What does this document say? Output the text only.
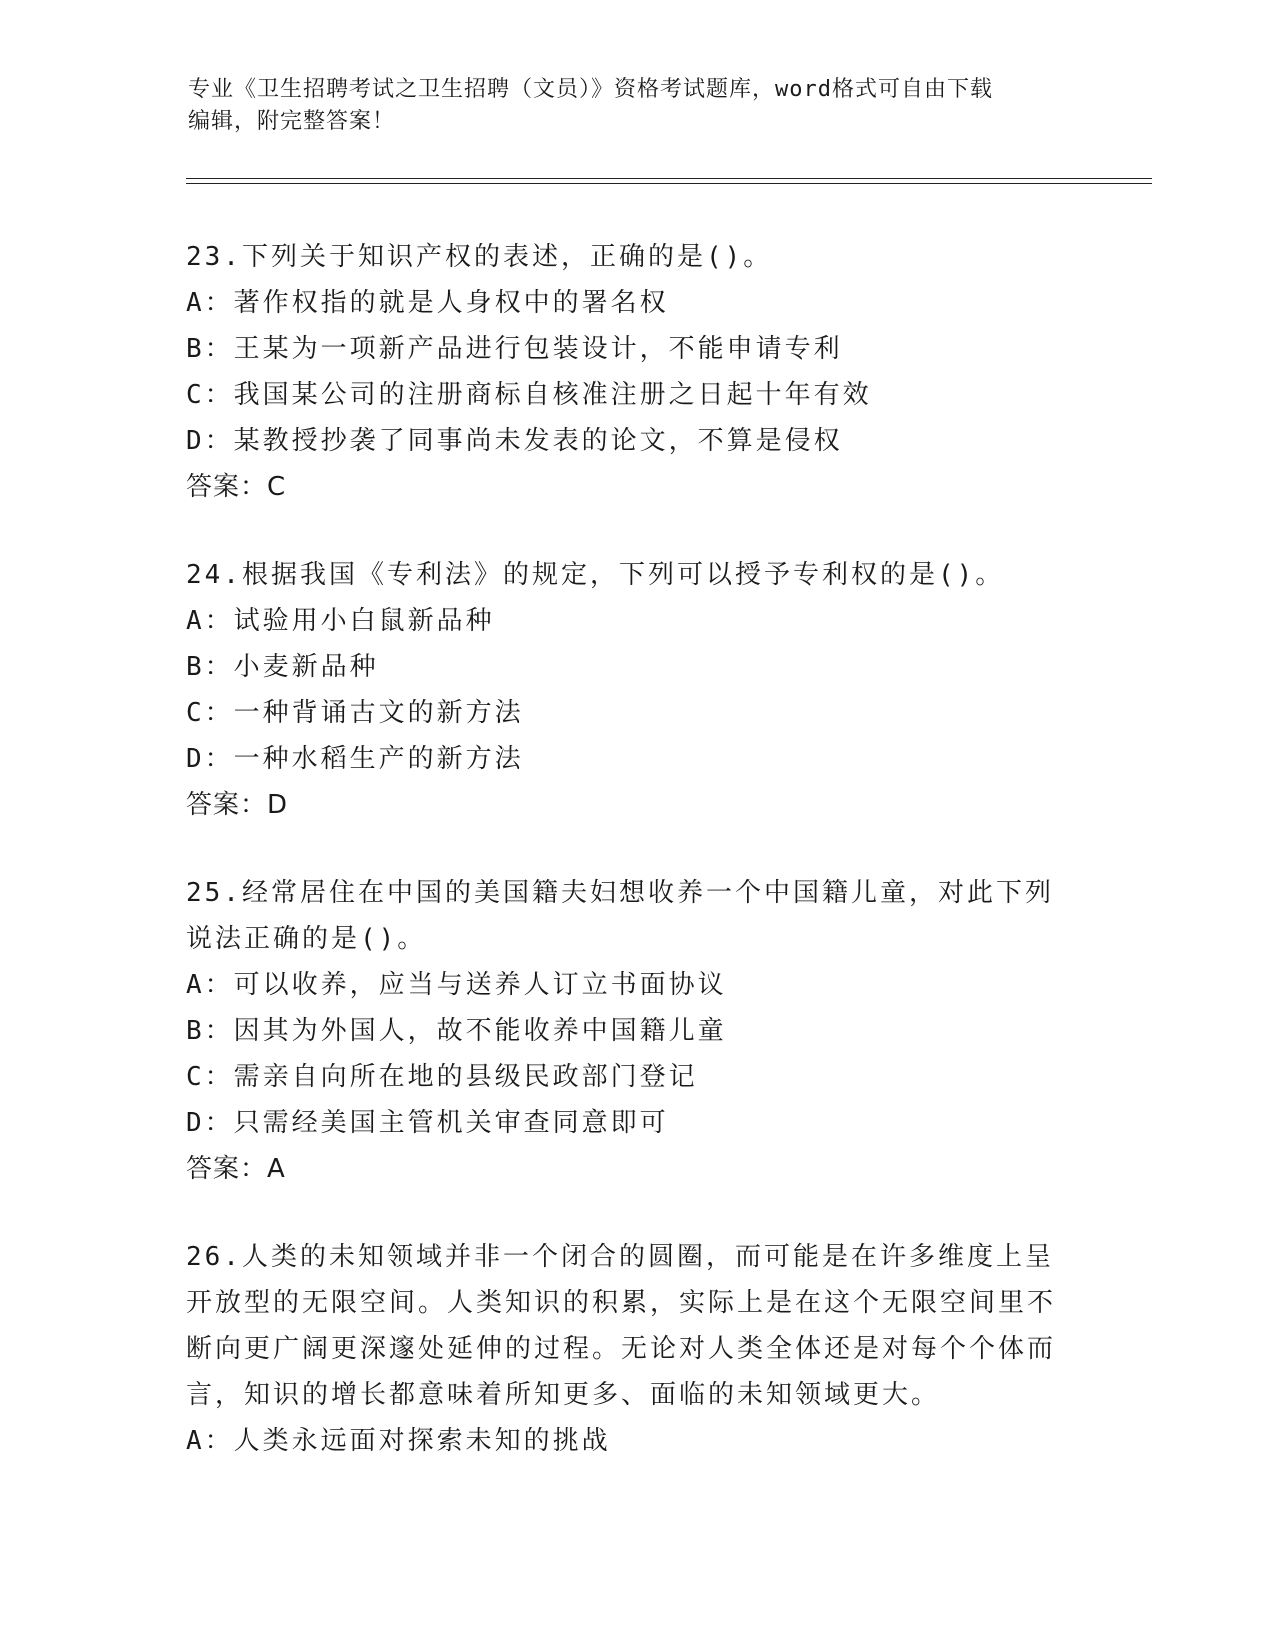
专业《卫生招聘考试之卫生招聘（文员）》资格考试题库，word格式可自由下载
编辑，附完整答案！
23.下列关于知识产权的表述，正确的是()。
A：著作权指的就是人身权中的署名权
B：王某为一项新产品进行包装设计，不能申请专利
C：我国某公司的注册商标自核准注册之日起十年有效
D：某教授抄袭了同事尚未发表的论文，不算是侵权
答案：C
24.根据我国《专利法》的规定，下列可以授予专利权的是()。
A：试验用小白鼠新品种
B：小麦新品种
C：一种背诵古文的新方法
D：一种水稻生产的新方法
答案：D
25.经常居住在中国的美国籍夫妇想收养一个中国籍儿童，对此下列说法正确的是()。
A：可以收养，应当与送养人订立书面协议
B：因其为外国人，故不能收养中国籍儿童
C：需亲自向所在地的县级民政部门登记
D：只需经美国主管机关审查同意即可
答案：A
26.人类的未知领域并非一个闭合的圆圈，而可能是在许多维度上呈开放型的无限空间。人类知识的积累，实际上是在这个无限空间里不断向更广阔更深邃处延伸的过程。无论对人类全体还是对每个个体而言，知识的增长都意味着所知更多、面临的未知领域更大。
A：人类永远面对探索未知的挑战
